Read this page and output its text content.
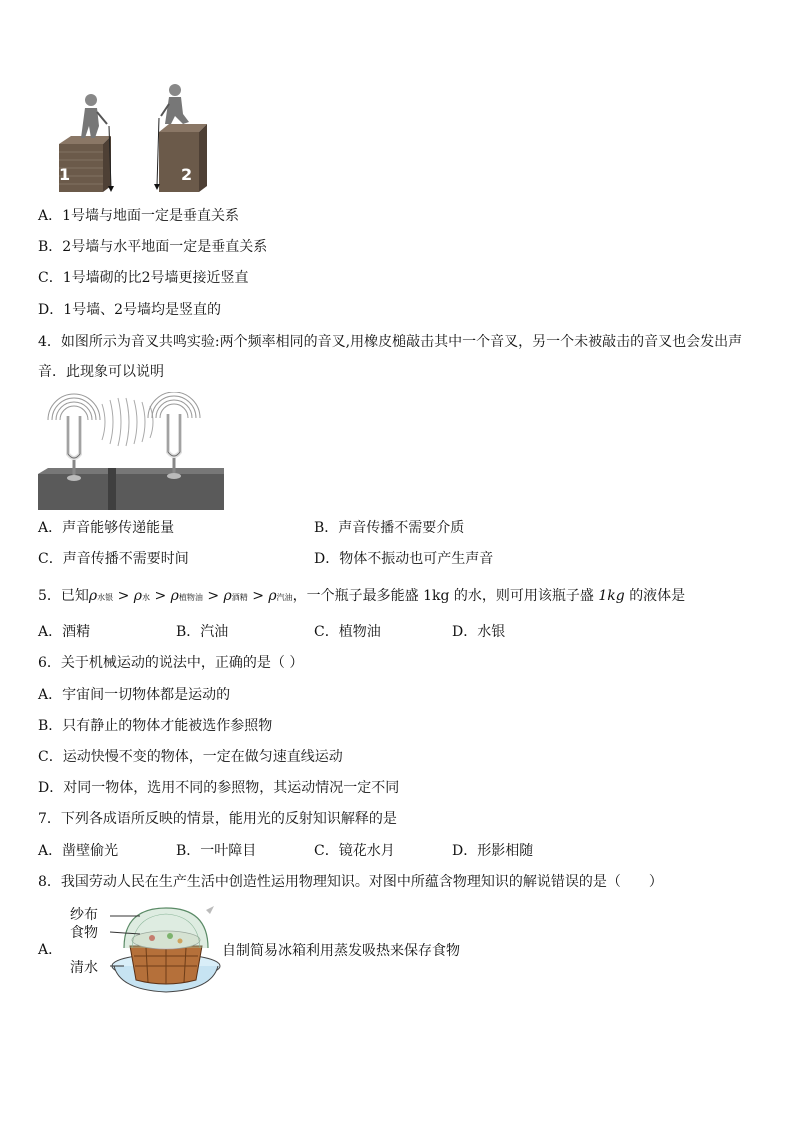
1	2
A．1号墙与地面一定是垂直关系
B．2号墙与水平地面一定是垂直关系
C．1号墙砌的比2号墙更接近竖直
D．1号墙、2号墙均是竖直的
4．如图所示为音叉共鸣实验:两个频率相同的音叉,用橡皮槌敲击其中一个音叉，另一个未被敲击的音叉也会发出声
音．此现象可以说明
A．声音能够传递能量	B．声音传播不需要介质
C．声音传播不需要时间	D．物体不振动也可产生声音
5．已知ρ水银 > ρ水 > ρ植物油 > ρ酒精 > ρ汽油，一个瓶子最多能盛 1kg 的水，则可用该瓶子盛 1kg 的液体是
A．酒精	B．汽油	C．植物油	D．水银
6．关于机械运动的说法中，正确的是（ ）
A．宇宙间一切物体都是运动的
B．只有静止的物体才能被选作参照物
C．运动快慢不变的物体，一定在做匀速直线运动
D．对同一物体，选用不同的参照物，其运动情况一定不同
7．下列各成语所反映的情景，能用光的反射知识解释的是
A．凿壁偷光	B．一叶障目	C．镜花水月	D．形影相随
8．我国劳动人民在生产生活中创造性运用物理知识。对图中所蕴含物理知识的解说错误的是（　　）
A．
纱布
食物
清水
自制简易冰箱利用蒸发吸热来保存食物
